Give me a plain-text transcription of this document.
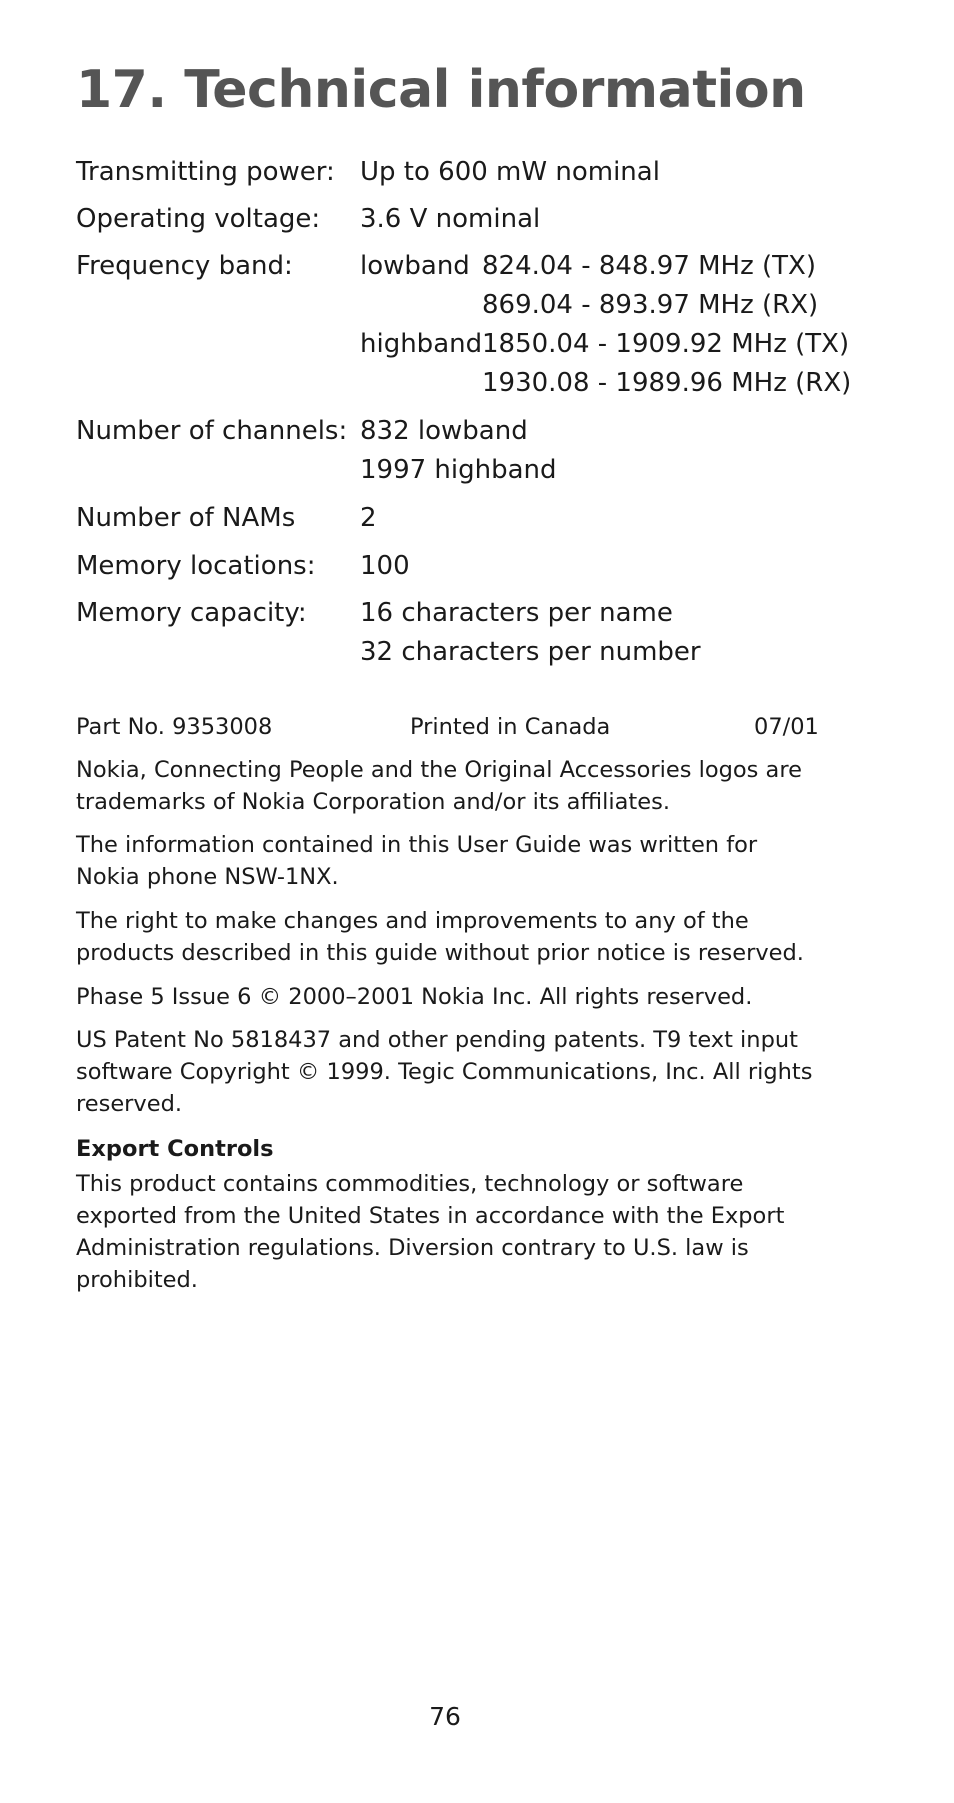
17. Technical information
Transmitting power: Up to 600 mW nominal
Operating voltage: 3.6 V nominal
Frequency band:	lowband 824.04 - 848.97 MHz (TX)
869.04 - 893.97 MHz (RX)
highband 1850.04 - 1909.92 MHz (TX)
1930.08 - 1989.96 MHz (RX)
Number of channels: 832 lowband
1997 highband
Number of NAMs 2
Memory locations: 100
Memory capacity: 16 characters per name
32 characters per number
Part No. 9353008	Printed in Canada	07/01

Nokia, Connecting People and the Original Accessories logos are trademarks of Nokia Corporation and/or its affiliates.

The information contained in this User Guide was written for Nokia phone NSW-1NX.

The right to make changes and improvements to any of the products described in this guide without prior notice is reserved.

Phase 5 Issue 6 © 2000–2001 Nokia Inc. All rights reserved.

US Patent No 5818437 and other pending patents. T9 text input software Copyright © 1999. Tegic Communications, Inc. All rights reserved.

Export Controls

This product contains commodities, technology or software exported from the United States in accordance with the Export Administration regulations. Diversion contrary to U.S. law is prohibited.

76
